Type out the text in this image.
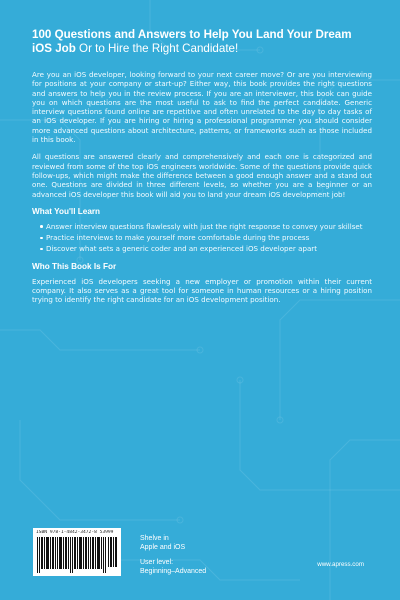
100 Questions and Answers to Help You Land Your Dream iOS Job Or to Hire the Right Candidate!

Are you an iOS developer, looking forward to your next career move? Or are you interviewing for positions at your company or start-up? Either way, this book provides the right questions and answers to help you in the review process. If you are an interviewer, this book can guide you on which questions are the most useful to ask to find the perfect candidate. Generic interview questions found online are repetitive and often unrelated to the day to day tasks of an iOS developer. If you are hiring or hiring a professional programmer you should consider more advanced questions about architecture, patterns, or frameworks such as those included in this book.

All questions are answered clearly and comprehensively and each one is categorized and reviewed from some of the top iOS engineers worldwide. Some of the questions provide quick follow-ups, which might make the difference between a good enough answer and a stand out one. Questions are divided in three different levels, so whether you are a beginner or an advanced iOS developer this book will aid you to land your dream iOS development job!

What You'll Learn
Answer interview questions flawlessly with just the right response to convey your skillset
Practice interviews to make yourself more comfortable during the process
Discover what sets a generic coder and an experienced iOS developer apart
Who This Book Is For

Experienced iOS developers seeking a new employer or promotion within their current company. It also serves as a great tool for someone in human resources or a hiring position trying to identify the right candidate for an iOS development position.

ISBN 978-1-4842-3472-8 53999
Shelve in
Apple and iOS
User level:
Beginning–Advanced
www.apress.com
